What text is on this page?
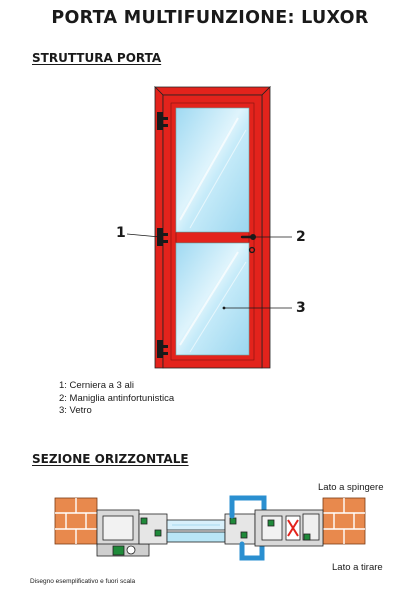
PORTA MULTIFUNZIONE: LUXOR
STRUTTURA PORTA
1	2
3
1: Cerniera a 3 ali
2: Maniglia antinfortunistica
3: Vetro
SEZIONE ORIZZONTALE
Lato a spingere
Lato a tirare
Disegno esemplificativo e fuori scala
